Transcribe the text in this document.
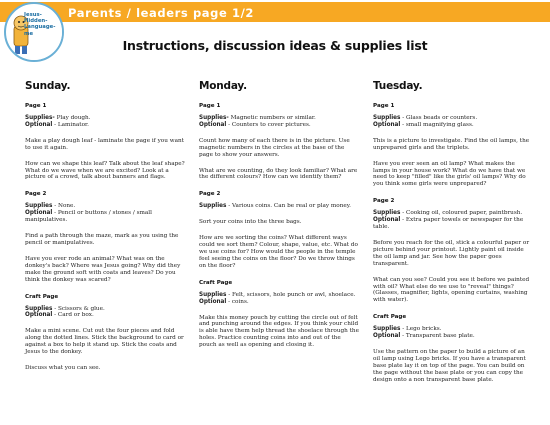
Parents / leaders page 1/2
Jesus-
Hidden-
Language-
me
Instructions, discussion ideas & supplies list
Sunday.
Page 1
Supplies- Play dough.
Optional - Laminator.
Make a play dough leaf - laminate the page if you want to use it again.
How can we shape this leaf? Talk about the leaf shape? What do we wave when we are excited? Look at a picture of a crowd, talk about banners and flags.
Page 2
Supplies - None.
Optional - Pencil or buttons / stones / small manipulatives.
Find a path through the maze, mark as you using the pencil or manipulatives.
Have you ever rode an animal? What was on the donkey's back? Where was Jesus going? Why did they make the ground soft with coats and leaves? Do you think the donkey was scared?
Craft Page
Supplies - Scissors & glue.
Optional - Card or box.
Make a mini scene. Cut out the four pieces and fold along the dotted lines. Stick the background to card or against a box to help it stand up. Stick the coats and Jesus to the donkey.
Discuss what you can see.
Monday.
Page 1
Supplies- Magnetic numbers or similar.
Optional - Counters to cover pictures.
Count how many of each there is in the picture. Use magnetic numbers in the circles at the base of the page to show your answers.
What are we counting, do they look familiar? What are the different colours? How can we identify them?
Page 2
Supplies - Various coins. Can be real or play money.
Sort your coins into the three bags.
How are we sorting the coins? What different ways could we sort them? Colour, shape, value, etc. What do we use coins for? How would the people in the temple feel seeing the coins on the floor? Do we throw things on the floor?
Craft Page
Supplies - Felt, scissors, hole punch or awl, shoelace.
Optional - coins.
Make this money pouch by cutting the circle out of felt and punching around the edges. If you think your child is able have them help thread the shoelace through the holes. Practice counting coins into and out of the pouch as well as opening and closing it.
Tuesday.
Page 1
Supplies - Glass beads or counters.
Optional - small magnifying glass.
This is a picture to investigate. Find the oil lamps, the unprepared girls and the triplets.
Have you ever seen an oil lamp? What makes the lamps in your house work? What do we have that we need to keep "filled" like the girls' oil lamps? Why do you think some girls were unprepared?
Page 2
Supplies - Cooking oil, coloured paper, paintbrush.
Optional - Extra paper towels or newspaper for the table.
Before you reach for the oil, stick a colourful paper or picture behind your printout. Lightly paint oil inside the oil lamp and jar. See how the paper goes transparent.
What can you see? Could you see it before we painted with oil? What else do we use to "reveal" things? (Glasses, magnifier, lights, opening curtains, washing with water).
Craft Page
Supplies - Lego bricks.
Optional - Transparent base plate.
Use the pattern on the paper to build a picture of an oil lamp using Lego bricks. If you have a transparent base plate lay it on top of the page. You can build on the page without the base plate or you can copy the design onto a non transparent base plate.
